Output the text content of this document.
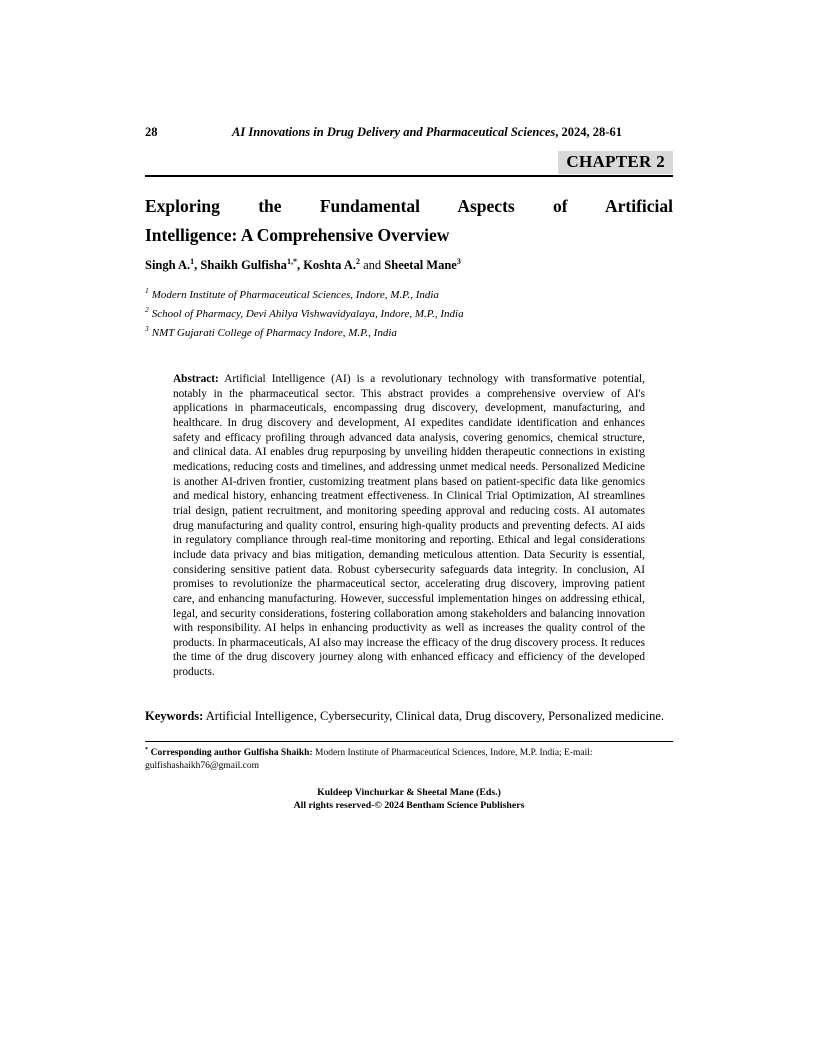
28	AI Innovations in Drug Delivery and Pharmaceutical Sciences, 2024, 28-61
CHAPTER 2
Exploring the Fundamental Aspects of Artificial
Intelligence: A Comprehensive Overview
Singh A.$^1$, Shaikh Gulfisha$^{1,*}$, Koshta A.$^2$ and Sheetal Mane$^3$
$^1$ Modern Institute of Pharmaceutical Sciences, Indore, M.P., India
$^2$ School of Pharmacy, Devi Ahilya Vishwavidyalaya, Indore, M.P., India
$^3$ NMT Gujarati College of Pharmacy Indore, M.P., India
Abstract: Artificial Intelligence (AI) is a revolutionary technology with transformative potential, notably in the pharmaceutical sector. This abstract provides a comprehensive overview of AI's applications in pharmaceuticals, encompassing drug discovery, development, manufacturing, and healthcare. In drug discovery and development, AI expedites candidate identification and enhances safety and efficacy profiling through advanced data analysis, covering genomics, chemical structure, and clinical data. AI enables drug repurposing by unveiling hidden therapeutic connections in existing medications, reducing costs and timelines, and addressing unmet medical needs. Personalized Medicine is another AI-driven frontier, customizing treatment plans based on patient-specific data like genomics and medical history, enhancing treatment effectiveness. In Clinical Trial Optimization, AI streamlines trial design, patient recruitment, and monitoring speeding approval and reducing costs. AI automates drug manufacturing and quality control, ensuring high-quality products and preventing defects. AI aids in regulatory compliance through real-time monitoring and reporting. Ethical and legal considerations include data privacy and bias mitigation, demanding meticulous attention. Data Security is essential, considering sensitive patient data. Robust cybersecurity safeguards data integrity. In conclusion, AI promises to revolutionize the pharmaceutical sector, accelerating drug discovery, improving patient care, and enhancing manufacturing. However, successful implementation hinges on addressing ethical, legal, and security considerations, fostering collaboration among stakeholders and balancing innovation with responsibility. AI helps in enhancing productivity as well as increases the quality control of the products. In pharmaceuticals, AI also may increase the efficacy of the drug discovery process. It reduces the time of the drug discovery journey along with enhanced efficacy and efficiency of the developed products.
Keywords: Artificial Intelligence, Cybersecurity, Clinical data, Drug discovery, Personalized medicine.
* Corresponding author Gulfisha Shaikh: Modern Institute of Pharmaceutical Sciences, Indore, M.P. India; E-mail: gulfishashaikh76@gmail.com
Kuldeep Vinchurkar & Sheetal Mane (Eds.)
All rights reserved-© 2024 Bentham Science Publishers
